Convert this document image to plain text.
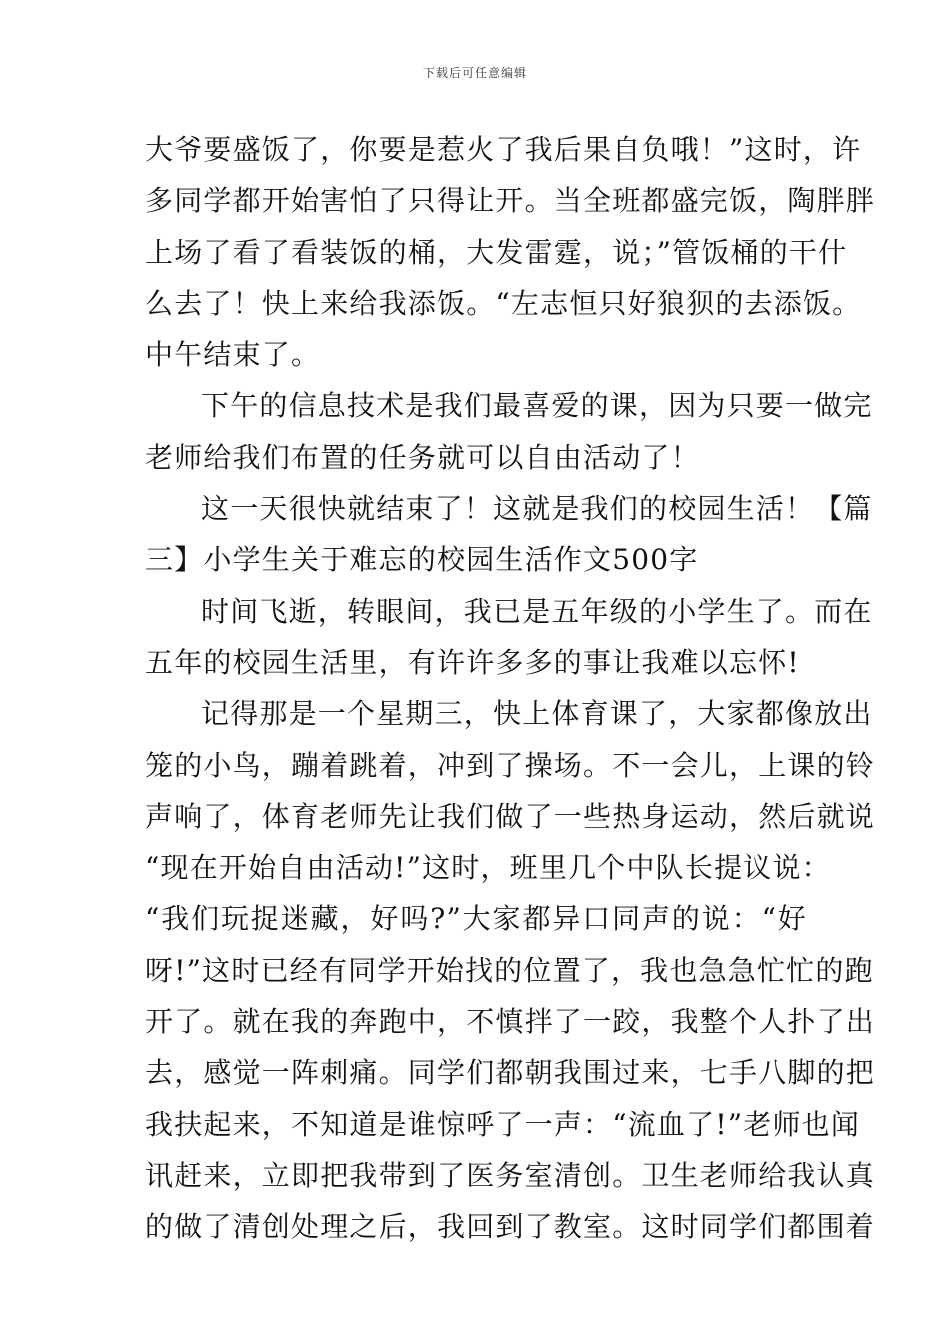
下载后可任意编辑
大爷要盛饭了，你要是惹火了我后果自负哦！”这时，许
多同学都开始害怕了只得让开。当全班都盛完饭，陶胖胖
上场了看了看装饭的桶，大发雷霆，说；”管饭桶的干什
么去了！快上来给我添饭。“左志恒只好狼狈的去添饭。
中午结束了。
下午的信息技术是我们最喜爱的课，因为只要一做完
老师给我们布置的任务就可以自由活动了！
这一天很快就结束了！这就是我们的校园生活！【篇
三】小学生关于难忘的校园生活作文500字
时间飞逝，转眼间，我已是五年级的小学生了。而在
五年的校园生活里，有许许多多的事让我难以忘怀!
记得那是一个星期三，快上体育课了，大家都像放出
笼的小鸟，蹦着跳着，冲到了操场。不一会儿，上课的铃
声响了，体育老师先让我们做了一些热身运动，然后就说
“现在开始自由活动!”这时，班里几个中队长提议说：
“我们玩捉迷藏，好吗?”大家都异口同声的说：“好
呀!”这时已经有同学开始找的位置了，我也急急忙忙的跑
开了。就在我的奔跑中，不慎拌了一跤，我整个人扑了出
去，感觉一阵刺痛。同学们都朝我围过来，七手八脚的把
我扶起来，不知道是谁惊呼了一声：“流血了!”老师也闻
讯赶来，立即把我带到了医务室清创。卫生老师给我认真
的做了清创处理之后，我回到了教室。这时同学们都围着
